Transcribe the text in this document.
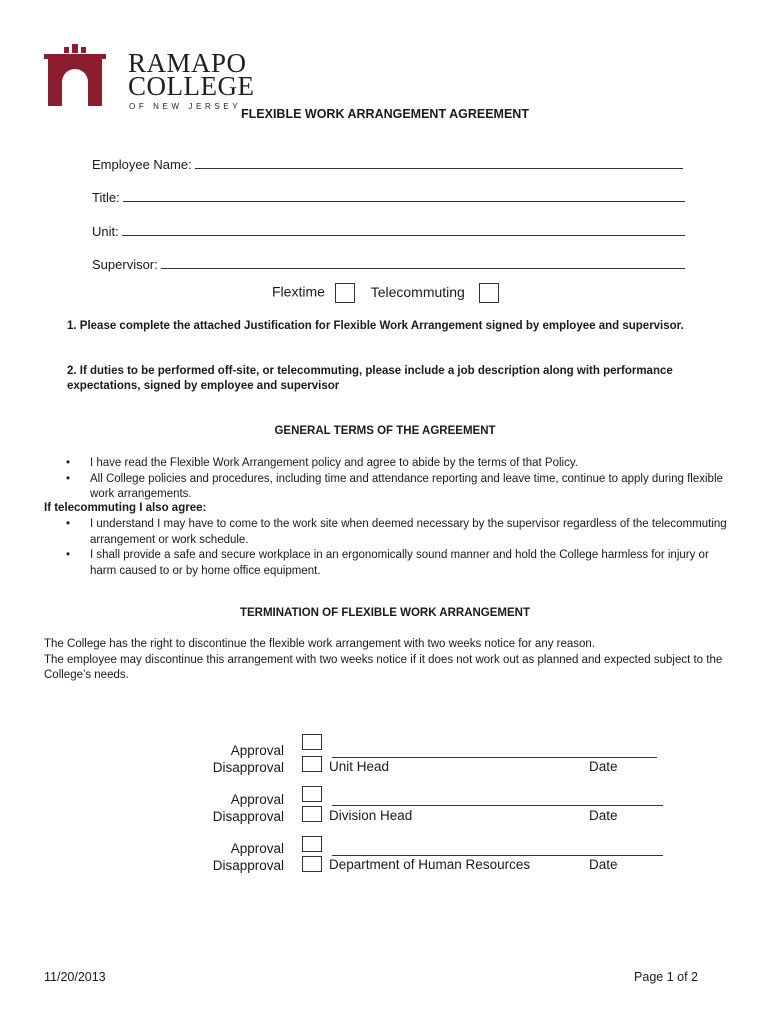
RAMAPO
COLLEGE
OF NEW JERSEY
FLEXIBLE WORK ARRANGEMENT AGREEMENT
Employee Name:
Title:
Unit:
Supervisor:
Flextime	Telecommuting
1. Please complete the attached Justification for Flexible Work Arrangement signed by employee and supervisor.
2. If duties to be performed off-site, or telecommuting, please include a job description along with performance expectations, signed by employee and supervisor
GENERAL TERMS OF THE AGREEMENT
• I have read the Flexible Work Arrangement policy and agree to abide by the terms of that Policy.
• All College policies and procedures, including time and attendance reporting and leave time, continue to apply during flexible work arrangements.
If telecommuting I also agree:
• I understand I may have to come to the work site when deemed necessary by the supervisor regardless of the telecommuting arrangement or work schedule.
• I shall provide a safe and secure workplace in an ergonomically sound manner and hold the College harmless for injury or harm caused to or by home office equipment.
TERMINATION OF FLEXIBLE WORK ARRANGEMENT
The College has the right to discontinue the flexible work arrangement with two weeks notice for any reason.
The employee may discontinue this arrangement with two weeks notice if it does not work out as planned and expected subject to the College’s needs.
Approval
Disapproval	Unit Head	Date
Approval
Disapproval	Division Head	Date
Approval
Disapproval	Department of Human Resources	Date
11/20/2013	Page 1 of 2
